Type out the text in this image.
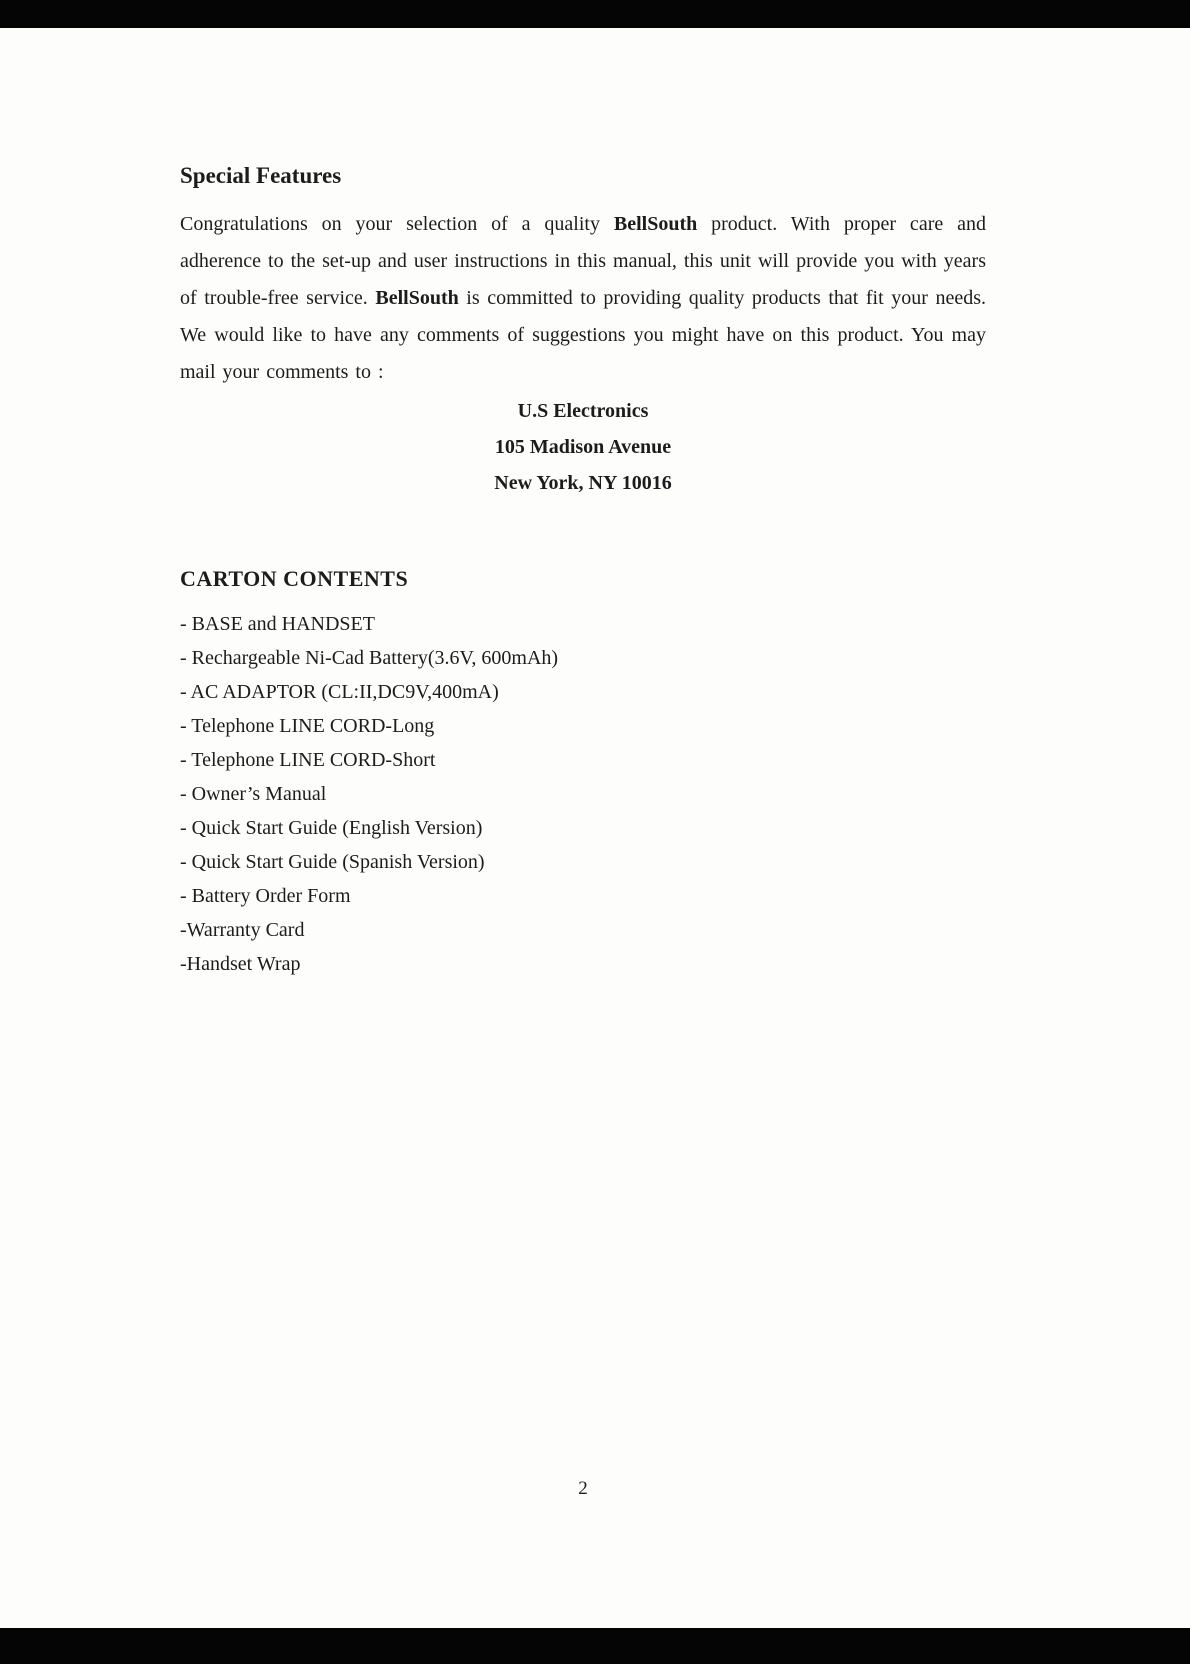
Special Features

Congratulations on your selection of a quality BellSouth product. With proper care and adherence to the set-up and user instructions in this manual, this unit will provide you with years of trouble-free service. BellSouth is committed to providing quality products that fit your needs. We would like to have any comments of suggestions you might have on this product. You may mail your comments to :

U.S Electronics
105 Madison Avenue
New York, NY 10016
CARTON CONTENTS
- BASE and HANDSET
- Rechargeable Ni-Cad Battery(3.6V, 600mAh)
- AC ADAPTOR (CL:II,DC9V,400mA)
- Telephone LINE CORD-Long
- Telephone LINE CORD-Short
- Owner’s Manual
- Quick Start Guide (English Version)
- Quick Start Guide (Spanish Version)
- Battery Order Form
-Warranty Card
-Handset Wrap
2
